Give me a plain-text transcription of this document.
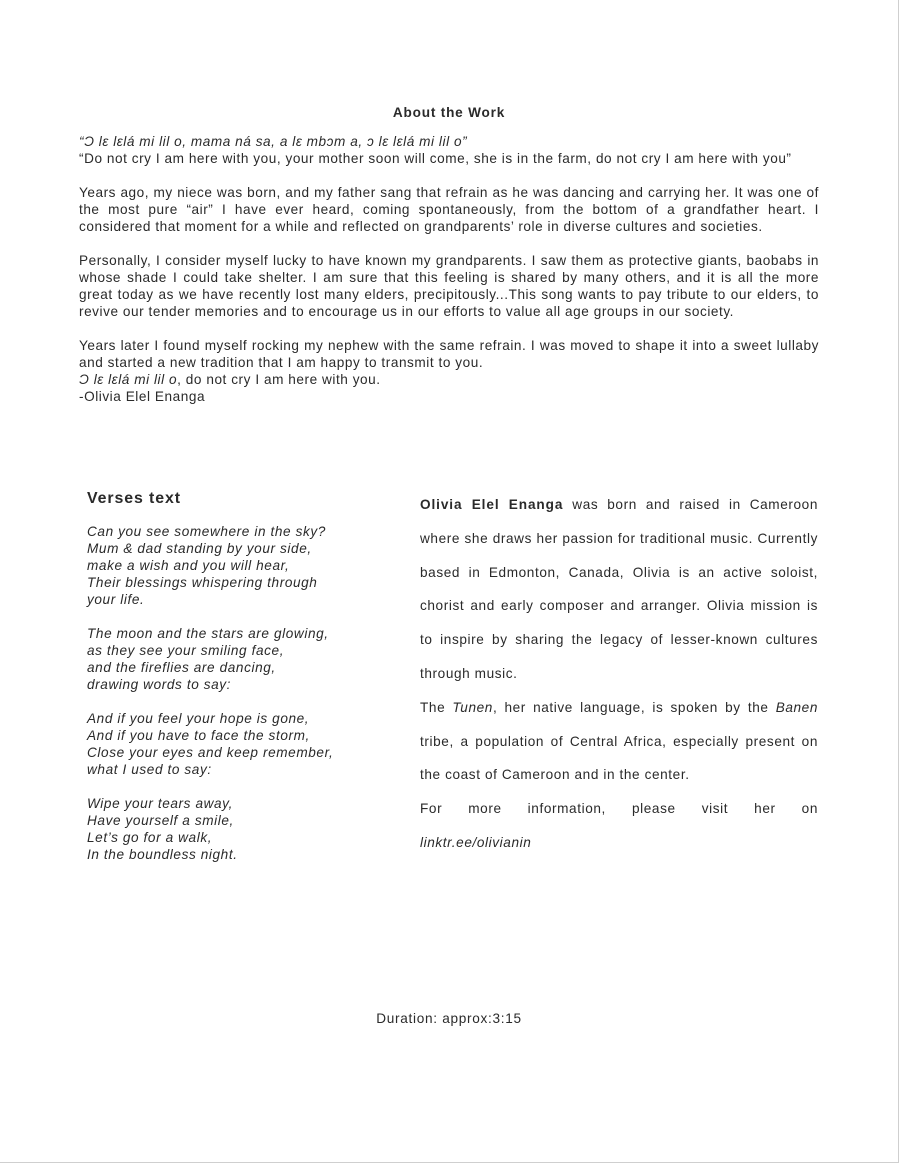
About the Work

“Ɔ lɛ lɛlá mi lil o, mama ná sa, a lɛ mbɔm a, ɔ lɛ lɛlá mi lil o”

“Do not cry I am here with you, your mother soon will come, she is in the farm, do not cry I am here with you”

Years ago, my niece was born, and my father sang that refrain as he was dancing and carrying her. It was one of the most pure “air” I have ever heard, coming spontaneously, from the bottom of a grandfather heart. I considered that moment for a while and reflected on grandparents’ role in diverse cultures and societies.

Personally, I consider myself lucky to have known my grandparents. I saw them as protective giants, baobabs in whose shade I could take shelter. I am sure that this feeling is shared by many others, and it is all the more great today as we have recently lost many elders, precipitously...This song wants to pay tribute to our elders, to revive our tender memories and to encourage us in our efforts to value all age groups in our society.

Years later I found myself rocking my nephew with the same refrain. I was moved to shape it into a sweet lullaby and started a new tradition that I am happy to transmit to you.

Ɔ lɛ lɛlá mi lil o, do not cry I am here with you.

-Olivia Elel Enanga

Verses text
Can you see somewhere in the sky?
Mum & dad standing by your side,
make a wish and you will hear,
Their blessings whispering through
your life.
The moon and the stars are glowing,
as they see your smiling face,
and the fireflies are dancing,
drawing words to say:
And if you feel your hope is gone,
And if you have to face the storm,
Close your eyes and keep remember,
what I used to say:
Wipe your tears away,
Have yourself a smile,
Let’s go for a walk,
In the boundless night.

Olivia Elel Enanga was born and raised in Cameroon where she draws her passion for traditional music. Currently based in Edmonton, Canada, Olivia is an active soloist, chorist and early composer and arranger. Olivia mission is to inspire by sharing the legacy of lesser-known cultures through music.

The Tunen, her native language, is spoken by the Banen tribe, a population of Central Africa, especially present on the coast of Cameroon and in the center.

For more information, please visit her on

linktr.ee/olivianin

Duration: approx:3:15
